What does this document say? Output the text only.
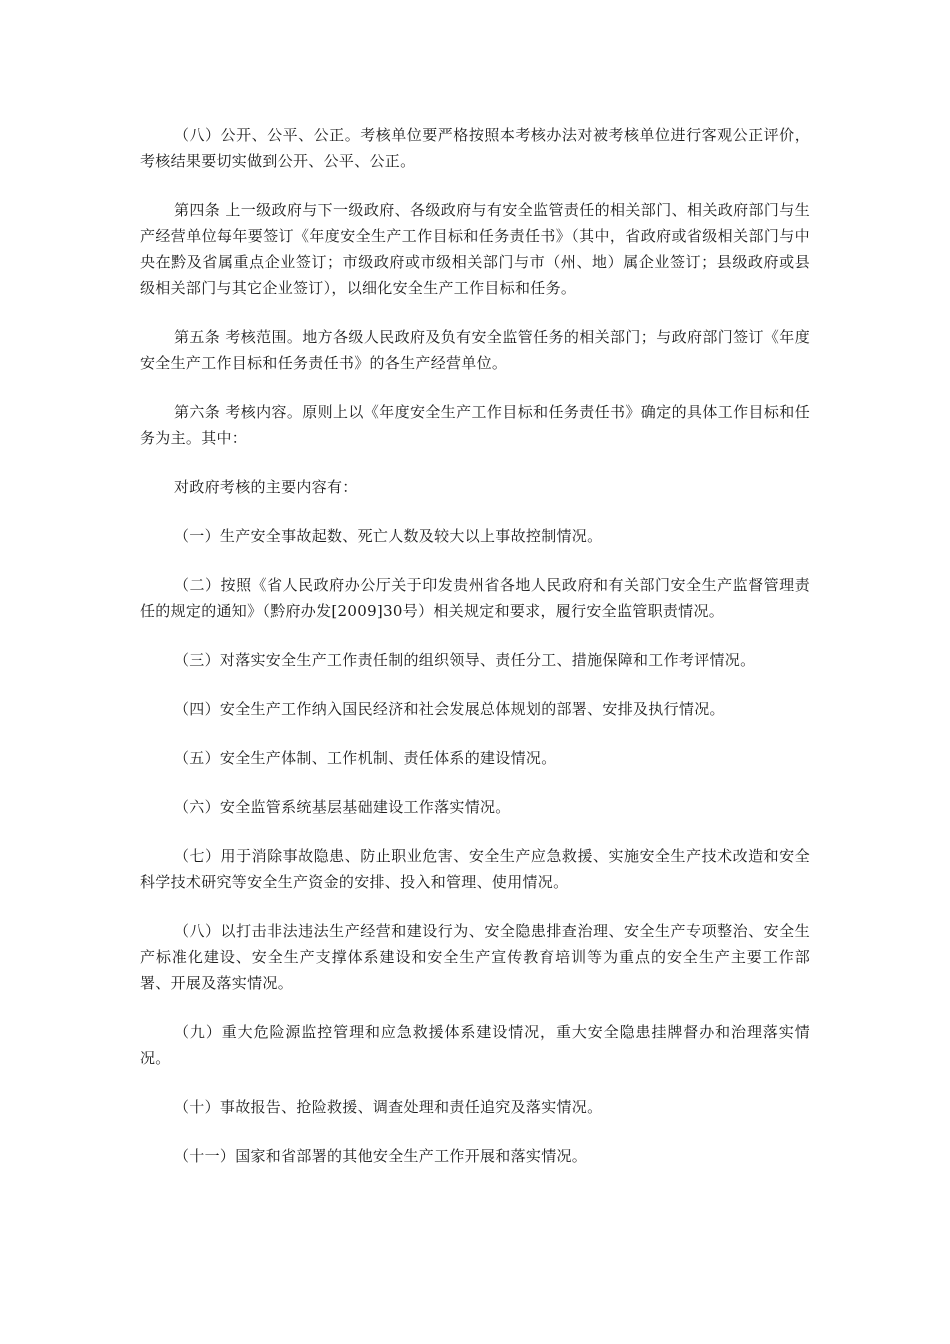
（八）公开、公平、公正。考核单位要严格按照本考核办法对被考核单位进行客观公正评价，考核结果要切实做到公开、公平、公正。

第四条 上一级政府与下一级政府、各级政府与有安全监管责任的相关部门、相关政府部门与生产经营单位每年要签订《年度安全生产工作目标和任务责任书》（其中，省政府或省级相关部门与中央在黔及省属重点企业签订；市级政府或市级相关部门与市（州、地）属企业签订；县级政府或县级相关部门与其它企业签订），以细化安全生产工作目标和任务。

第五条 考核范围。地方各级人民政府及负有安全监管任务的相关部门；与政府部门签订《年度安全生产工作目标和任务责任书》的各生产经营单位。

第六条 考核内容。原则上以《年度安全生产工作目标和任务责任书》确定的具体工作目标和任务为主。其中：

对政府考核的主要内容有：

（一）生产安全事故起数、死亡人数及较大以上事故控制情况。

（二）按照《省人民政府办公厅关于印发贵州省各地人民政府和有关部门安全生产监督管理责任的规定的通知》（黔府办发[2009]30号）相关规定和要求，履行安全监管职责情况。

（三）对落实安全生产工作责任制的组织领导、责任分工、措施保障和工作考评情况。

（四）安全生产工作纳入国民经济和社会发展总体规划的部署、安排及执行情况。

（五）安全生产体制、工作机制、责任体系的建设情况。

（六）安全监管系统基层基础建设工作落实情况。

（七）用于消除事故隐患、防止职业危害、安全生产应急救援、实施安全生产技术改造和安全科学技术研究等安全生产资金的安排、投入和管理、使用情况。

（八）以打击非法违法生产经营和建设行为、安全隐患排查治理、安全生产专项整治、安全生产标准化建设、安全生产支撑体系建设和安全生产宣传教育培训等为重点的安全生产主要工作部署、开展及落实情况。

（九）重大危险源监控管理和应急救援体系建设情况，重大安全隐患挂牌督办和治理落实情况。

（十）事故报告、抢险救援、调查处理和责任追究及落实情况。

（十一）国家和省部署的其他安全生产工作开展和落实情况。
